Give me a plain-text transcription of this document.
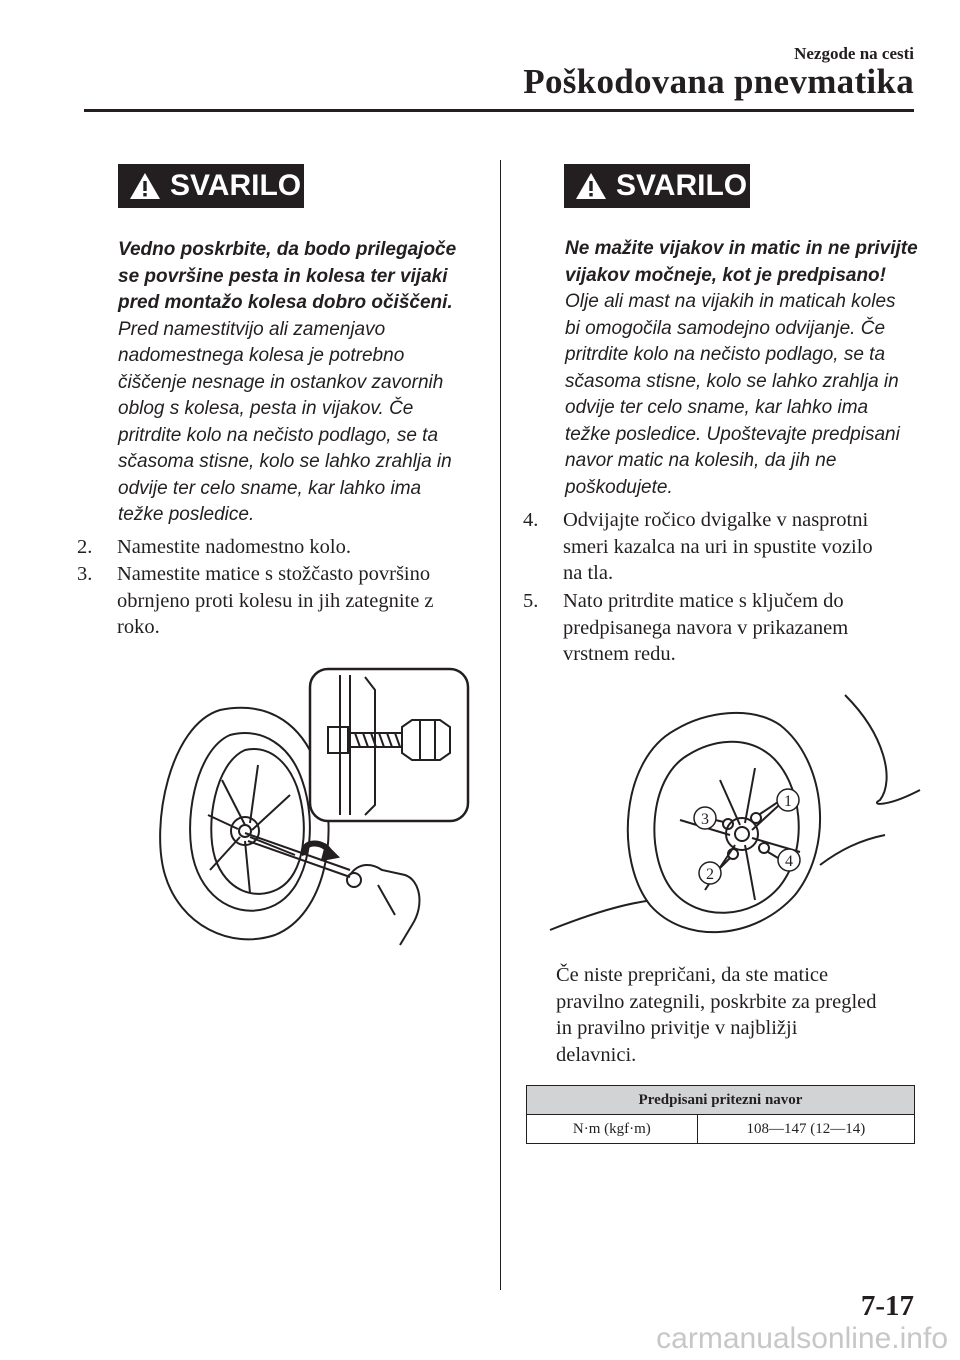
Nezgode na cesti
Poškodovana pnevmatika
SVARILO
Vedno poskrbite, da bodo prilegajoče
se površine pesta in kolesa ter vijaki
pred montažo kolesa dobro očiščeni.
Pred namestitvijo ali zamenjavo
nadomestnega kolesa je potrebno
čiščenje nesnage in ostankov zavornih
oblog s kolesa, pesta in vijakov. Če
pritrdite kolo na nečisto podlago, se ta
sčasoma stisne, kolo se lahko zrahlja in
odvije ter celo sname, kar lahko ima
težke posledice.
2.	Namestite nadomestno kolo.
3.	Namestite matice s stožčasto površino
obrnjeno proti kolesu in jih zategnite z
roko.
SVARILO
Ne mažite vijakov in matic in ne privijte
vijakov močneje, kot je predpisano!
Olje ali mast na vijakih in maticah koles
bi omogočila samodejno odvijanje. Če
pritrdite kolo na nečisto podlago, se ta
sčasoma stisne, kolo se lahko zrahlja in
odvije ter celo sname, kar lahko ima
težke posledice. Upoštevajte predpisani
navor matic na kolesih, da jih ne
poškodujete.
4.	Odvijajte ročico dvigalke v nasprotni
smeri kazalca na uri in spustite vozilo
na tla.
5.	Nato pritrdite matice s ključem do
predpisanega navora v prikazanem
vrstnem redu.
1
2
3
4
Če niste prepričani, da ste matice
pravilno zategnili, poskrbite za pregled
in pravilno privitje v najbližji
delavnici.
Predpisani pritezni navor
N·m (kgf·m)	108—147 (12—14)
7-17
carmanualsonline.info
